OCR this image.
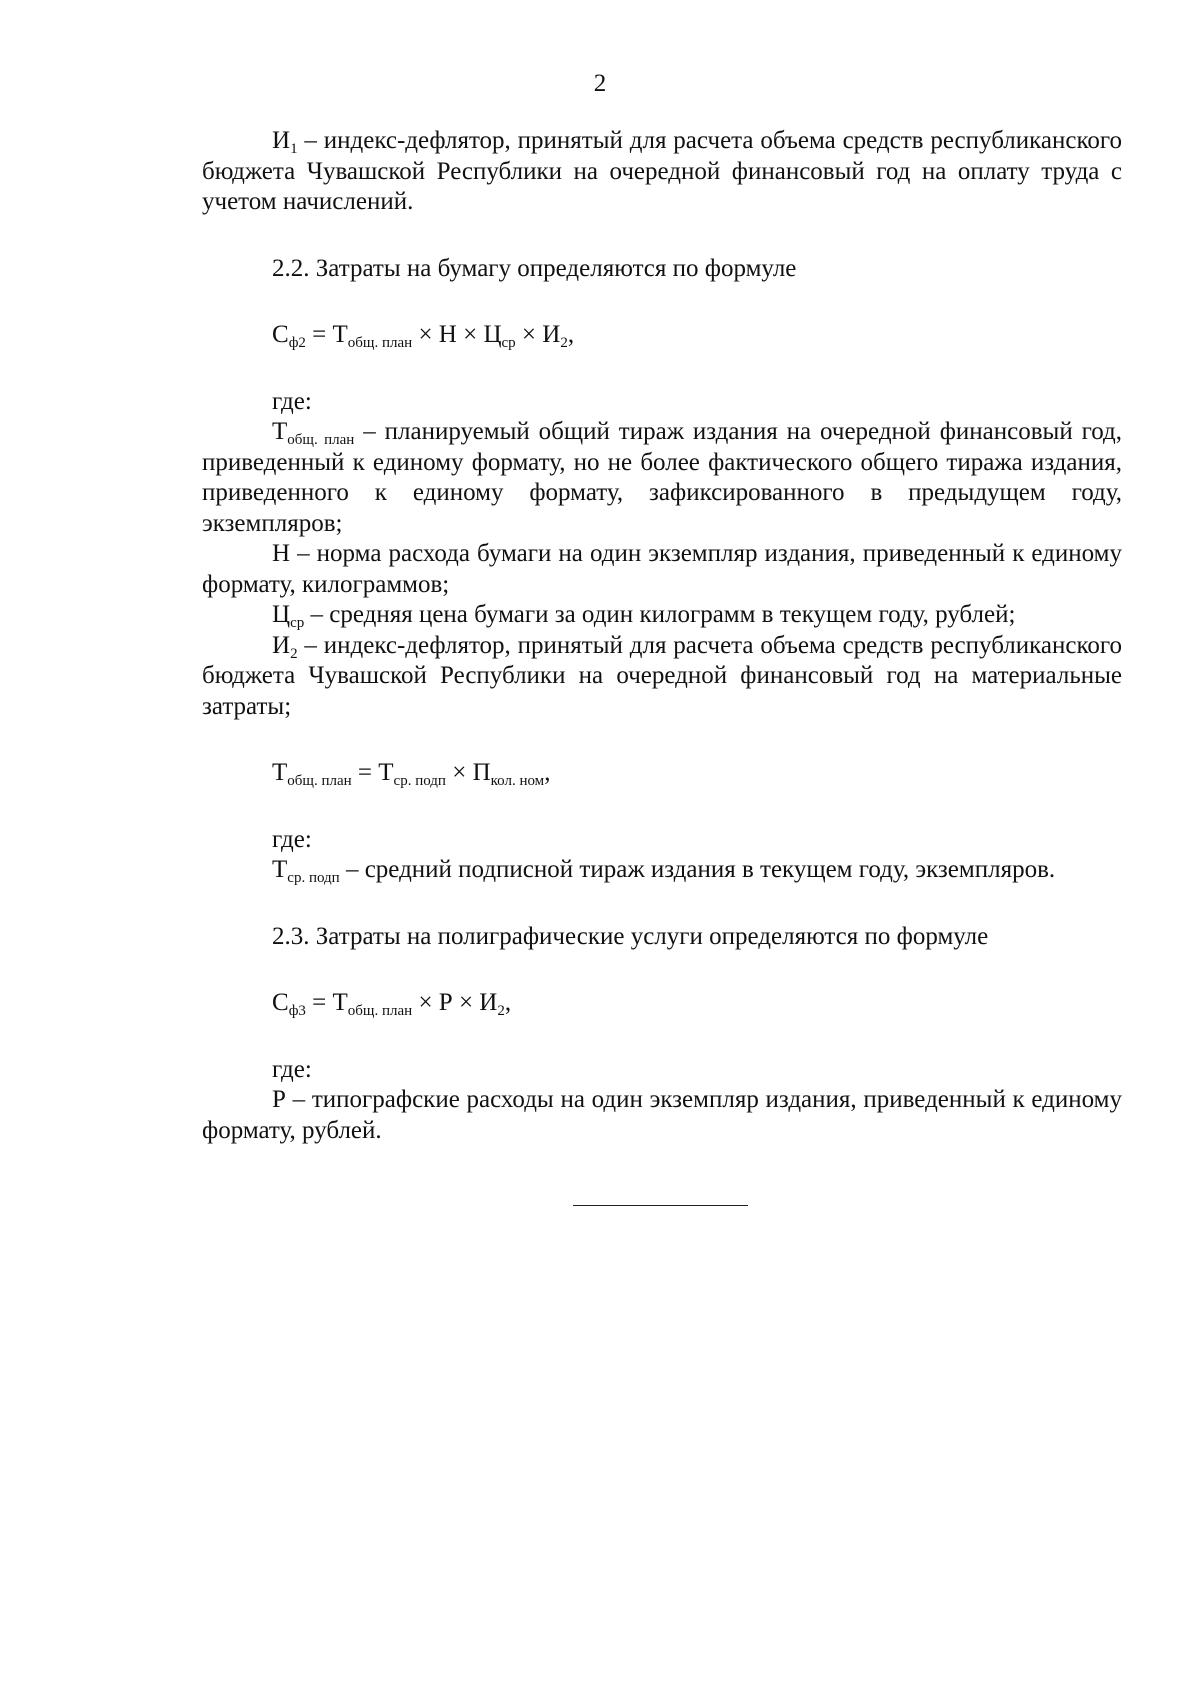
2

$И_1$ – индекс-дефлятор, принятый для расчета объема средств республиканского бюджета Чувашской Республики на очередной финансовый год на оплату труда с учетом начислений.

2.2. Затраты на бумагу определяются по формуле

$С_{ф2} = Т_{общ. план} \times Н \times Ц_{ср} \times И_2$,

где:

$Т_{общ. план}$ – планируемый общий тираж издания на очередной финансовый год, приведенный к единому формату, но не более фактического общего тиража издания, приведенного к единому формату, зафиксированного в предыдущем году, экземпляров;

Н – норма расхода бумаги на один экземпляр издания, приведенный к единому формату, килограммов;

$Ц_{ср}$ – средняя цена бумаги за один килограмм в текущем году, рублей;

$И_2$ – индекс-дефлятор, принятый для расчета объема средств республиканского бюджета Чувашской Республики на очередной финансовый год на материальные затраты;

$Т_{общ. план} = Т_{ср. подп} \times П_{кол. ном}$,

где:

$Т_{ср. подп}$ – средний подписной тираж издания в текущем году, экземпляров.

2.3. Затраты на полиграфические услуги определяются по формуле

$С_{ф3} = Т_{общ. план} \times Р \times И_2$,

где:

Р – типографские расходы на один экземпляр издания, приведенный к единому формату, рублей.
